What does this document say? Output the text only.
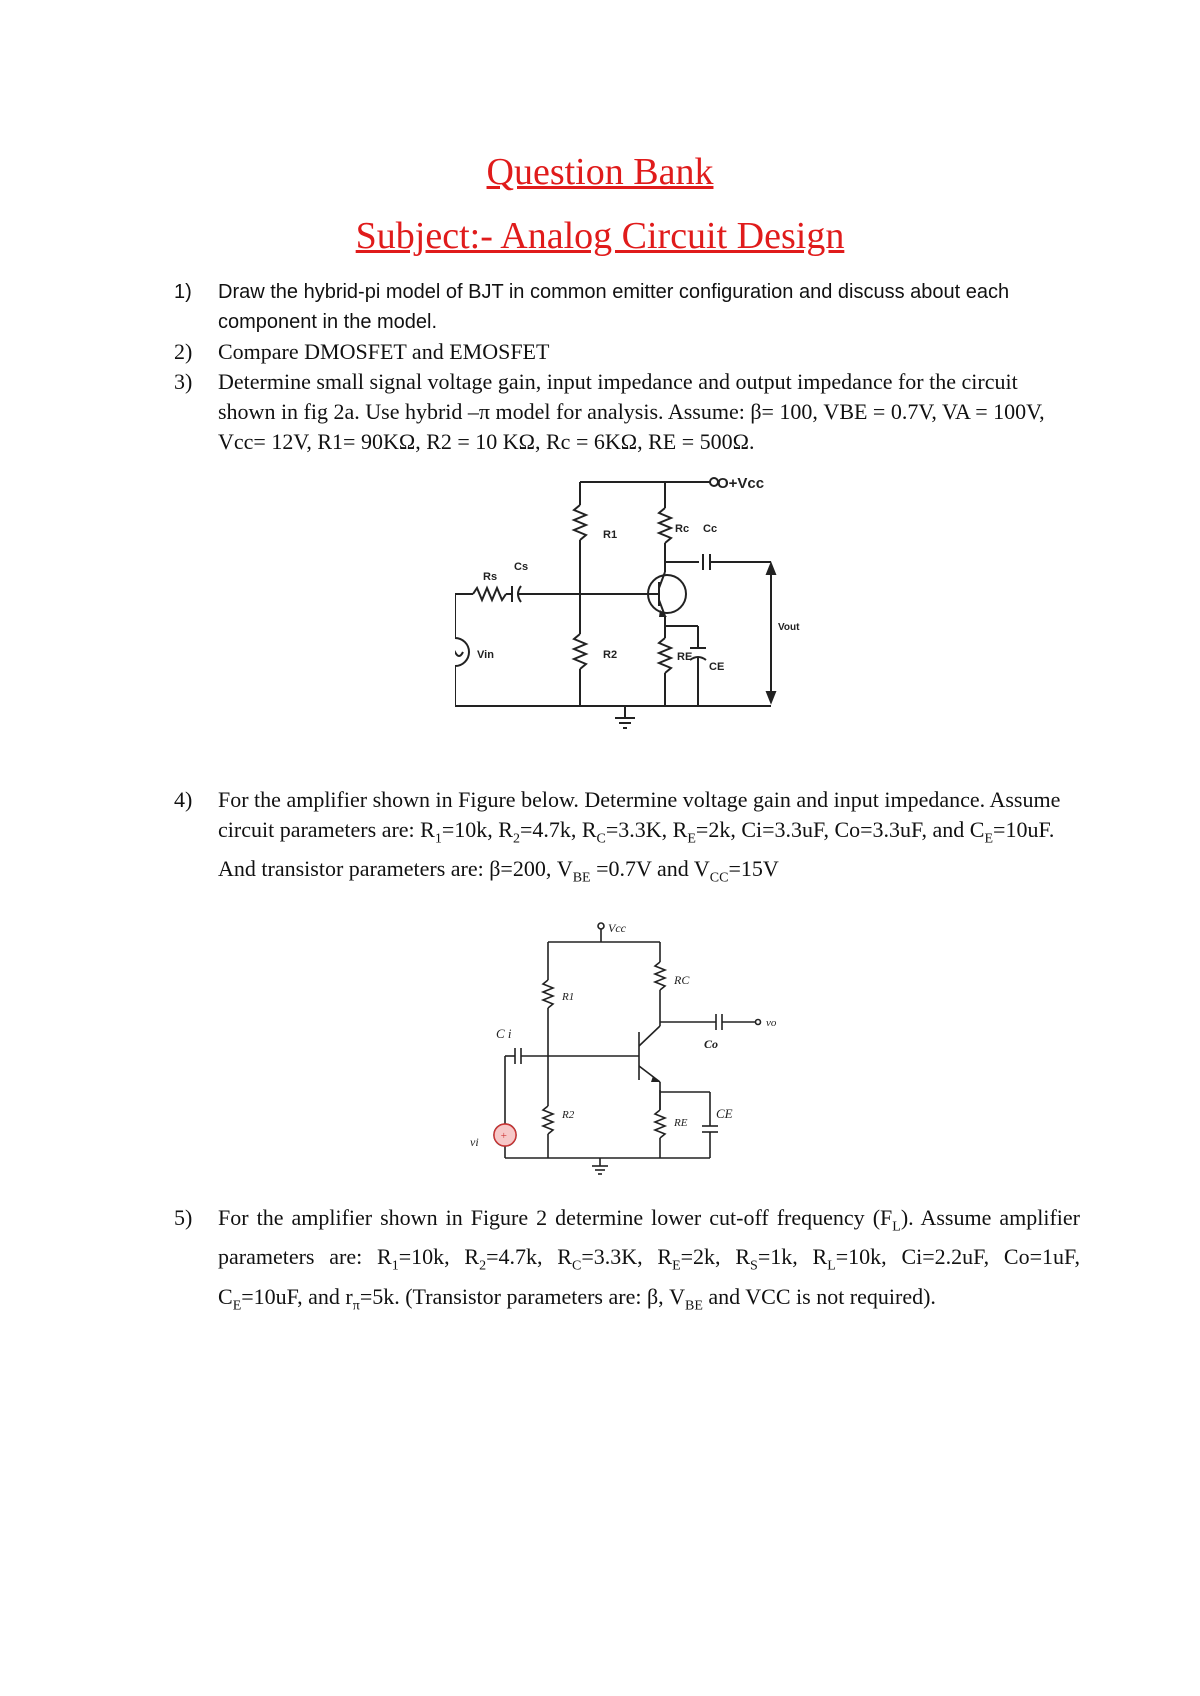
Question Bank
Subject:- Analog Circuit Design
1) Draw the hybrid-pi model of BJT in common emitter configuration and discuss about each component in the model.

2) Compare DMOSFET and EMOSFET

3) Determine small signal voltage gain, input impedance and output impedance for the circuit shown in fig 2a. Use hybrid –π model for analysis. Assume: β= 100, VBE = 0.7V, VA = 100V, Vcc= 12V, R1= 90KΩ, R2 = 10 KΩ, Rc = 6KΩ, RE = 500Ω.

O+Vcc
R1	Rc Cc
Rs
Cs
Vout
Vin	R2	RE
CE
4) For the amplifier shown in Figure below. Determine voltage gain and input impedance. Assume circuit parameters are: $R_1=10k$, $R_2=4.7k$, $R_C=3.3K$, $R_E=2k$, Ci=3.3uF, Co=3.3uF, and $C_E=10uF$. And transistor parameters are: β=200, $V_{BE} =0.7V$ and $V_{CC}=15V$

Vcc
R1
RC
C i
vo
Co
R2
RE
CE
vi +
5) For the amplifier shown in Figure 2 determine lower cut-off frequency $(F_L)$. Assume amplifier parameters are: $R_1=10k$, $R_2=4.7k$, $R_C=3.3K$, $R_E=2k$, $R_S=1k$, $R_L=10k$, Ci=2.2uF, Co=1uF, $C_E=10uF$, and $r_\pi=5k$. (Transistor parameters are: β, $V_{BE}$ and VCC is not required).
